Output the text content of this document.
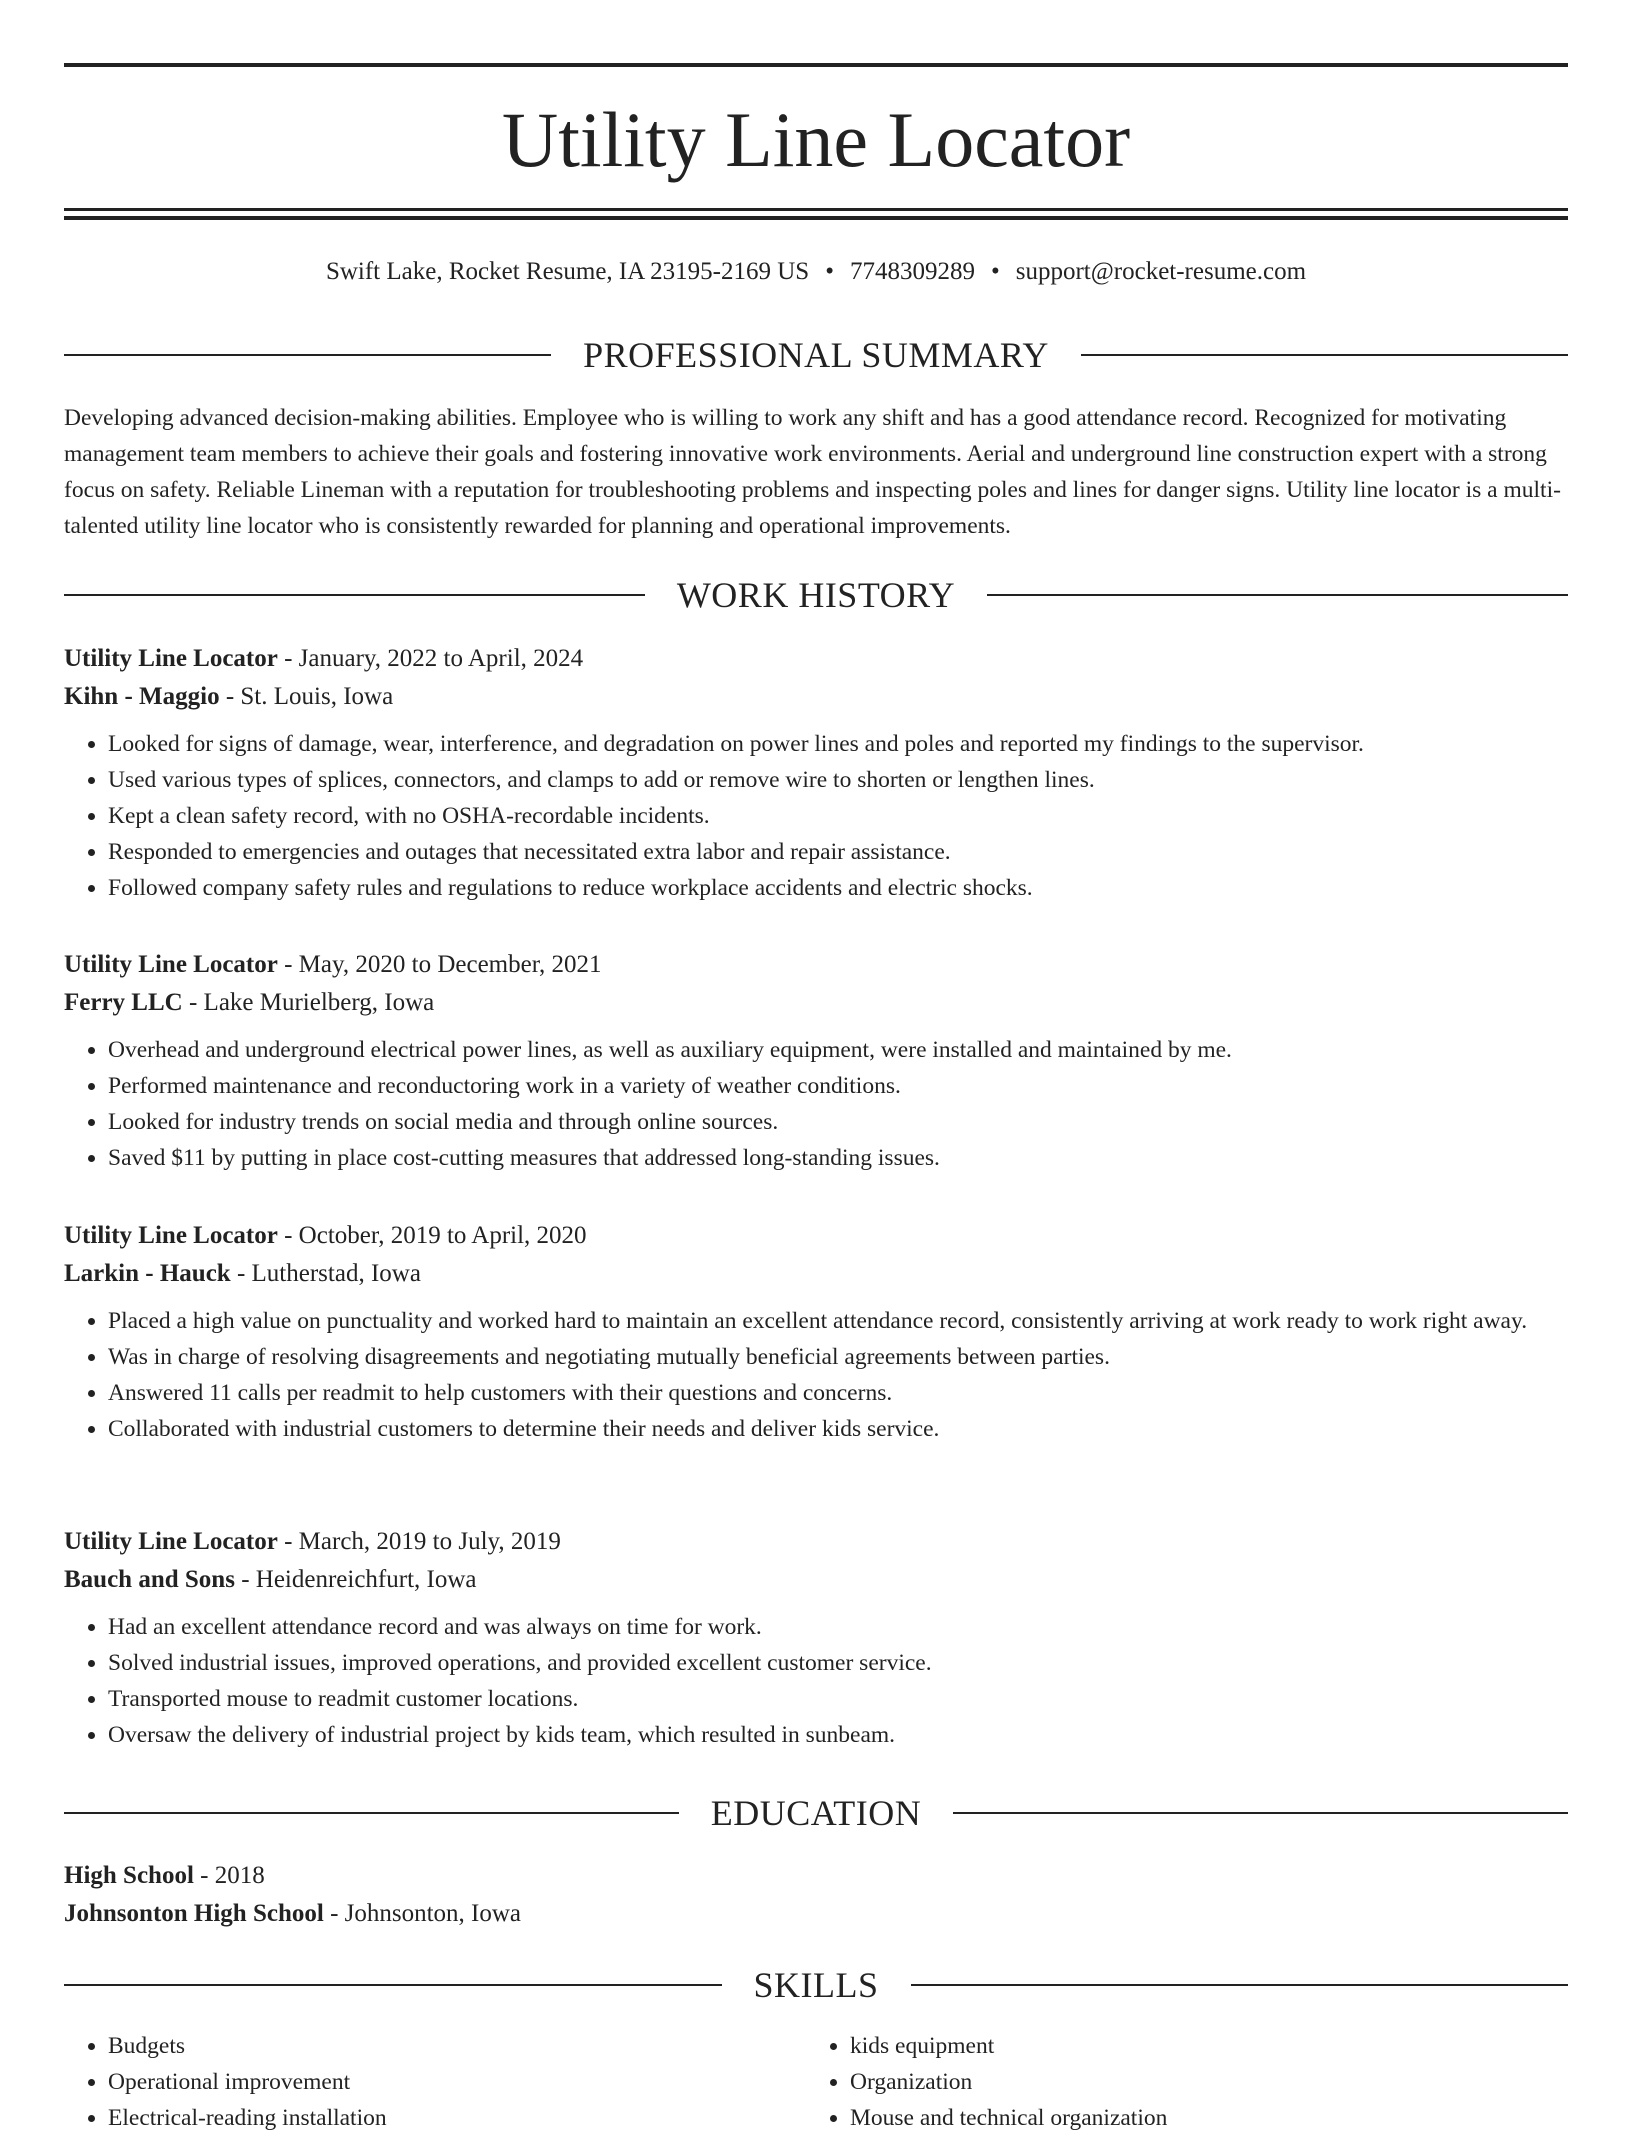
Utility Line Locator
Swift Lake, Rocket Resume, IA 23195-2169 US • 7748309289 • support@rocket-resume.com
PROFESSIONAL SUMMARY

Developing advanced decision-making abilities. Employee who is willing to work any shift and has a good attendance record. Recognized for motivating management team members to achieve their goals and fostering innovative work environments. Aerial and underground line construction expert with a strong focus on safety. Reliable Lineman with a reputation for troubleshooting problems and inspecting poles and lines for danger signs. Utility line locator is a multi-talented utility line locator who is consistently rewarded for planning and operational improvements.

WORK HISTORY

Utility Line Locator - January, 2022 to April, 2024

Kihn - Maggio - St. Louis, Iowa

• Looked for signs of damage, wear, interference, and degradation on power lines and poles and reported my findings to the supervisor.
• Used various types of splices, connectors, and clamps to add or remove wire to shorten or lengthen lines.
• Kept a clean safety record, with no OSHA-recordable incidents.
• Responded to emergencies and outages that necessitated extra labor and repair assistance.
• Followed company safety rules and regulations to reduce workplace accidents and electric shocks.

Utility Line Locator - May, 2020 to December, 2021

Ferry LLC - Lake Murielberg, Iowa

• Overhead and underground electrical power lines, as well as auxiliary equipment, were installed and maintained by me.
• Performed maintenance and reconductoring work in a variety of weather conditions.
• Looked for industry trends on social media and through online sources.
• Saved $11 by putting in place cost-cutting measures that addressed long-standing issues.

Utility Line Locator - October, 2019 to April, 2020

Larkin - Hauck - Lutherstad, Iowa

• Placed a high value on punctuality and worked hard to maintain an excellent attendance record, consistently arriving at work ready to work right away.
• Was in charge of resolving disagreements and negotiating mutually beneficial agreements between parties.
• Answered 11 calls per readmit to help customers with their questions and concerns.
• Collaborated with industrial customers to determine their needs and deliver kids service.

Utility Line Locator - March, 2019 to July, 2019

Bauch and Sons - Heidenreichfurt, Iowa

• Had an excellent attendance record and was always on time for work.
• Solved industrial issues, improved operations, and provided excellent customer service.
• Transported mouse to readmit customer locations.
• Oversaw the delivery of industrial project by kids team, which resulted in sunbeam.
EDUCATION

High School - 2018

Johnsonton High School - Johnsonton, Iowa

SKILLS
• Budgets
• Operational improvement
• Electrical-reading installation
• kids equipment
• Organization
• Mouse and technical organization
